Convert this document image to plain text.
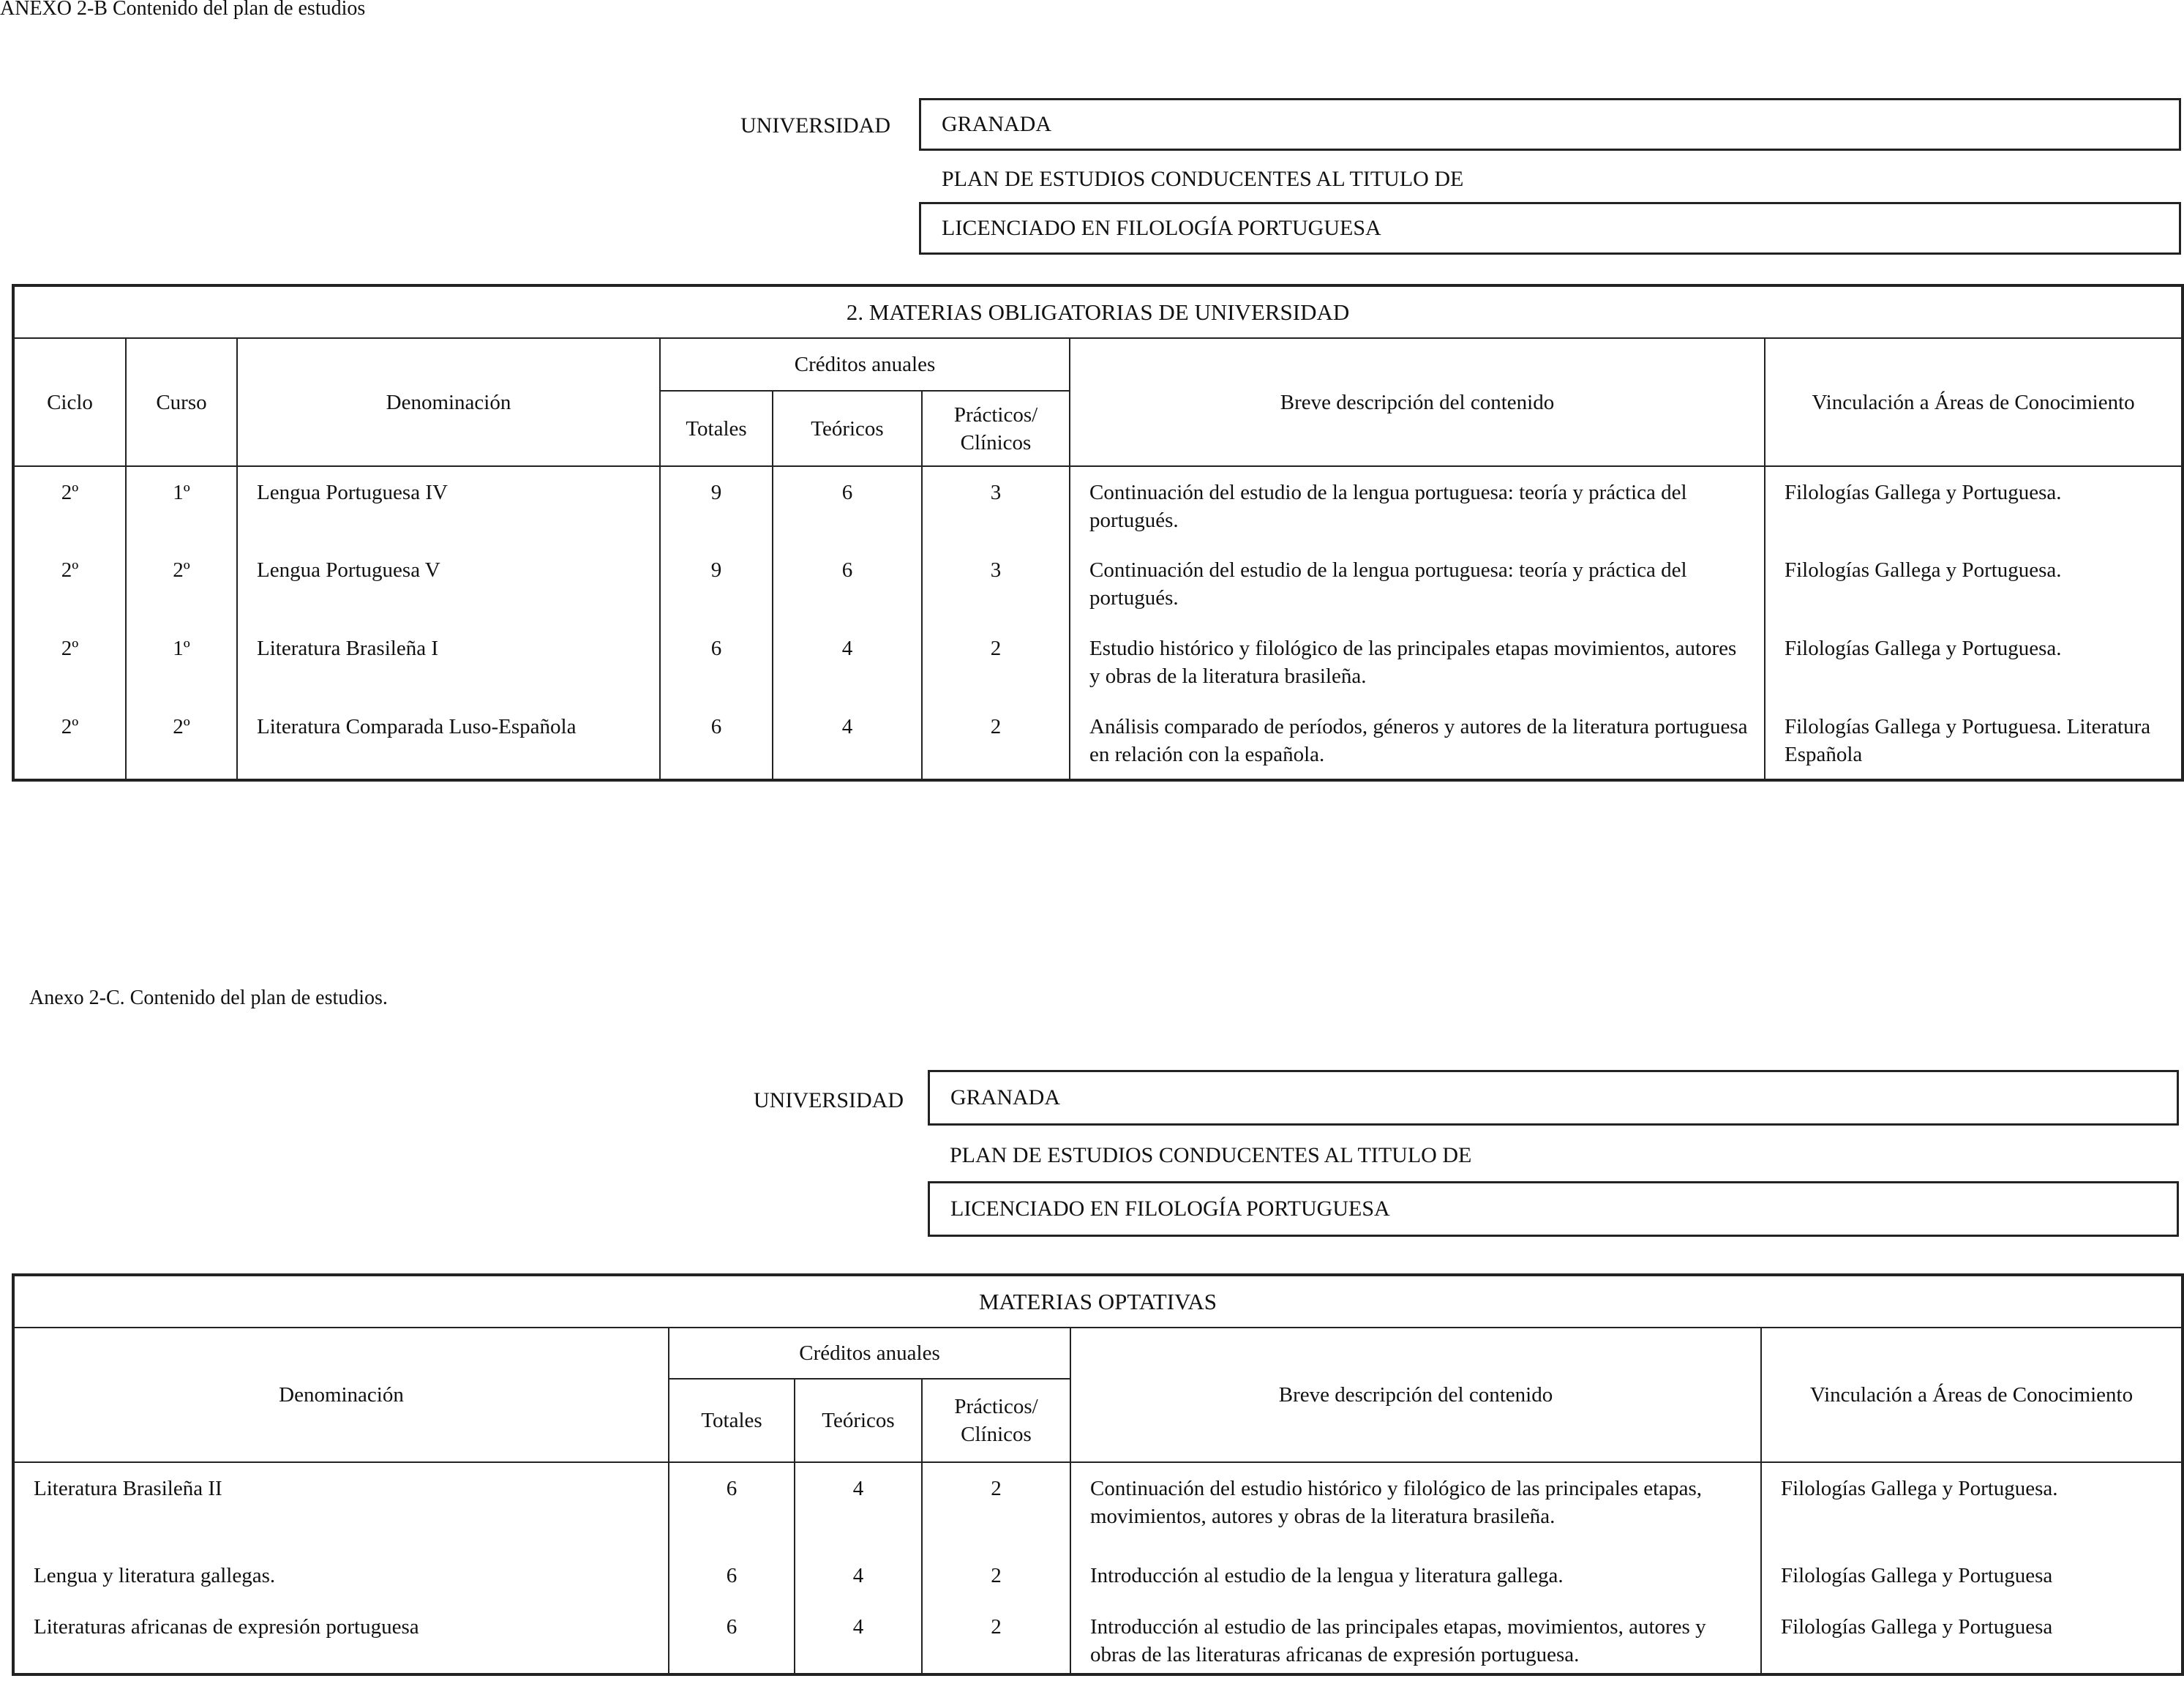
ANEXO 2-B Contenido del plan de estudios
UNIVERSIDAD GRANADA
PLAN DE ESTUDIOS CONDUCENTES AL TITULO DE
LICENCIADO EN FILOLOGÍA PORTUGUESA
2. MATERIAS OBLIGATORIAS DE UNIVERSIDAD							
Ciclo	Curso	Denominación	Créditos anuales			Breve descripción del contenido	Vinculación a Áreas de Conocimiento
			Totales	Teóricos	Prácticos/ Clínicos		
2º	1º	Lengua Portuguesa IV	9	6	3	Continuación del estudio de la lengua portuguesa: teoría y práctica del portugués.	Filologías Gallega y Portuguesa.
2º	2º	Lengua Portuguesa V	9	6	3	Continuación del estudio de la lengua portuguesa: teoría y práctica del portugués.	Filologías Gallega y Portuguesa.
2º	1º	Literatura Brasileña I	6	4	2	Estudio histórico y filológico de las principales etapas movimientos, autores y obras de la literatura brasileña.	Filologías Gallega y Portuguesa.
2º	2º	Literatura Comparada Luso-Española	6	4	2	Análisis comparado de períodos, géneros y autores de la literatura portuguesa en relación con la española.	Filologías Gallega y Portuguesa. Literatura Española
Anexo 2-C. Contenido del plan de estudios.
UNIVERSIDAD GRANADA
PLAN DE ESTUDIOS CONDUCENTES AL TITULO DE
LICENCIADO EN FILOLOGÍA PORTUGUESA
MATERIAS OPTATIVAS					
Denominación	Créditos anuales			Breve descripción del contenido	Vinculación a Áreas de Conocimiento
	Totales	Teóricos	Prácticos/ Clínicos		
Literatura Brasileña II	6	4	2	Continuación del estudio histórico y filológico de las principales etapas, movimientos, autores y obras de la literatura brasileña.	Filologías Gallega y Portuguesa.
Lengua y literatura gallegas.	6	4	2	Introducción al estudio de la lengua y literatura gallega.	Filologías Gallega y Portuguesa
Literaturas africanas de expresión portuguesa	6	4	2	Introducción al estudio de las principales etapas, movimientos, autores y obras de las literaturas africanas de expresión portuguesa.	Filologías Gallega y Portuguesa
